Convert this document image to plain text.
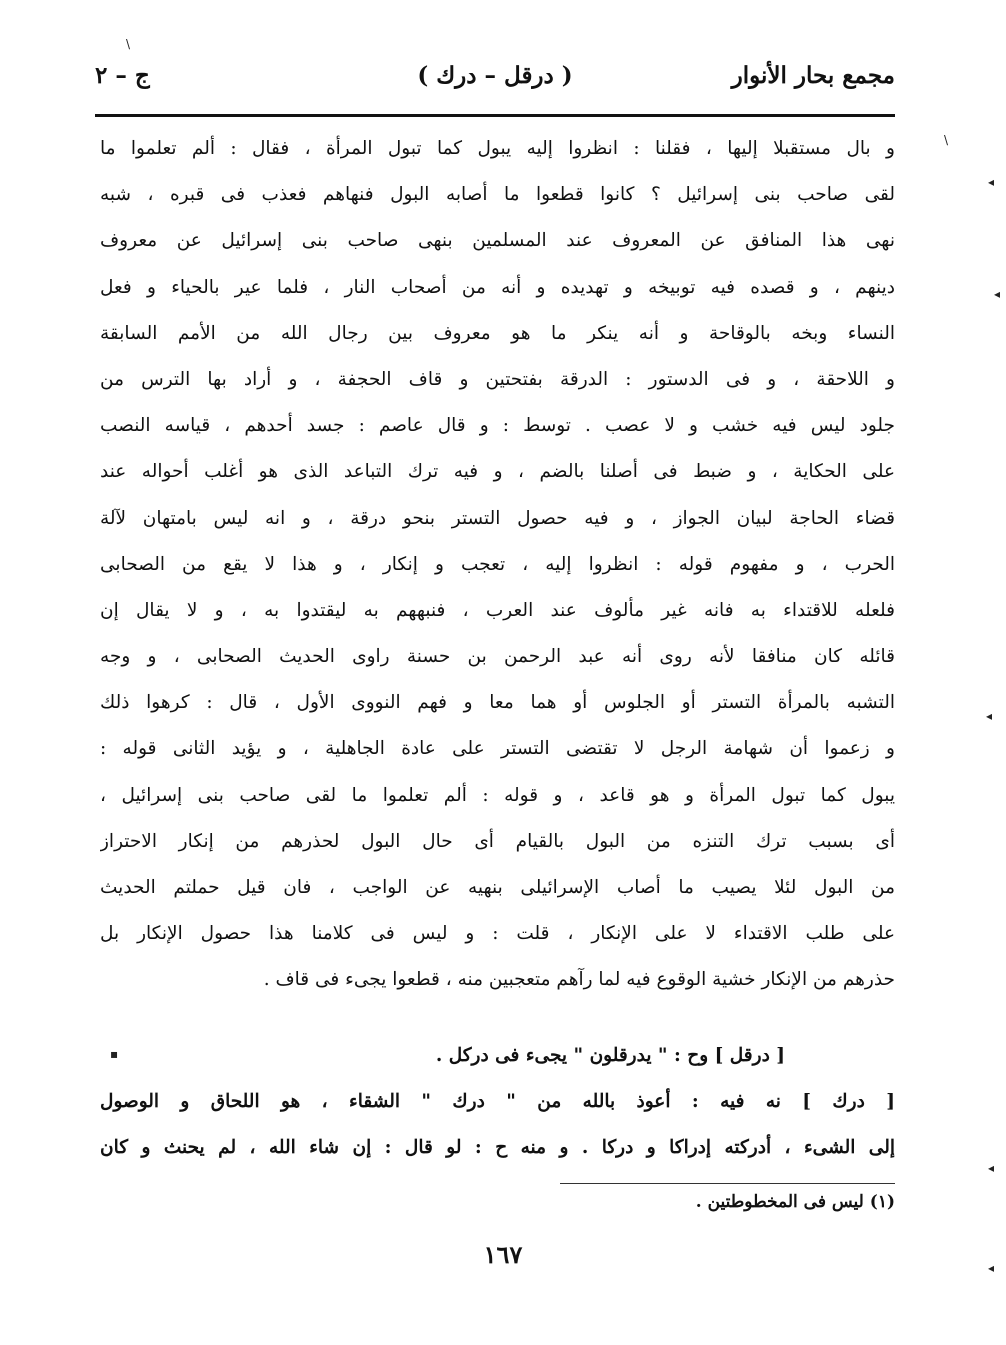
مجمع بحار الأنوار
( درقل – درك )
ج – ٢
و بال مستقبلا إليها ، فقلنا : انظروا إليه يبول كما تبول المرأة ، فقال : ألم تعلموا ما
لقى صاحب بنى إسرائيل ؟ كانوا قطعوا ما أصابه البول فنهاهم فعذب فى قبره ، شبه
نهى هذا المنافق عن المعروف عند المسلمين بنهى صاحب بنى إسرائيل عن معروف
دينهم ، و قصده فيه توبيخه و تهديده و أنه من أصحاب النار ، فلما عير بالحياء و فعل
النساء وبخه بالوقاحة و أنه ينكر ما هو معروف بين رجال الله من الأمم السابقة
و اللاحقة ، و فى الدستور : الدرقة بفتحتين و قاف الحجفة ، و أراد بها الترس من
جلود ليس فيه خشب و لا عصب . توسط : و قال عاصم : جسد أحدهم ، قياسه النصب
على الحكاية ، و ضبط فى أصلنا بالضم ، و فيه ترك التباعد الذى هو أغلب أحواله عند
قضاء الحاجة لبيان الجواز ، و فيه حصول التستر بنحو درقة ، و انه ليس بامتهان لآلة
الحرب ، و مفهوم قوله : انظروا إليه ، تعجب و إنكار ، و هذا لا يقع من الصحابى
فلعله للاقتداء به فانه غير مألوف عند العرب ، فنبههم به ليقتدوا به ، و لا يقال إن
قائله كان منافقا لأنه روى أنه عبد الرحمن بن حسنة راوى الحديث الصحابى ، و وجه
التشبه بالمرأة التستر أو الجلوس أو هما معا و فهم النووى الأول ، قال : كرهوا ذلك
و زعموا أن شهامة الرجل لا تقتضى التستر على عادة الجاهلية ، و يؤيد الثانى قوله :
يبول كما تبول المرأة و هو قاعد ، و قوله : ألم تعلموا ما لقى صاحب بنى إسرائيل ،
أى بسبب ترك التنزه من البول بالقيام أى حال البول لحذرهم من إنكار الاحتراز
من البول لئلا يصيب ما أصاب الإسرائيلى بنهيه عن الواجب ، فان قيل حملتم الحديث
على طلب الاقتداء لا على الإنكار ، قلت : و ليس فى كلامنا هذا حصول الإنكار بل
حذرهم من الإنكار خشية الوقوع فيه لما رآهم متعجبين منه ، قطعوا يجىء فى قاف .
[ درقل ] وح : " يدرقلون " يجىء فى دركل .
[ درك ] نه فيه : أعوذ بالله من " درك " الشقاء ، هو اللحاق و الوصول
إلى الشىء ، أدركته إدراكا و دركا . و منه ح : لو قال : إن شاء الله ، لم يحنث و كان
(١) ليس فى المخطوطتين .
١٦٧
\
\
◂
◂
◂
▪
◂
◂
